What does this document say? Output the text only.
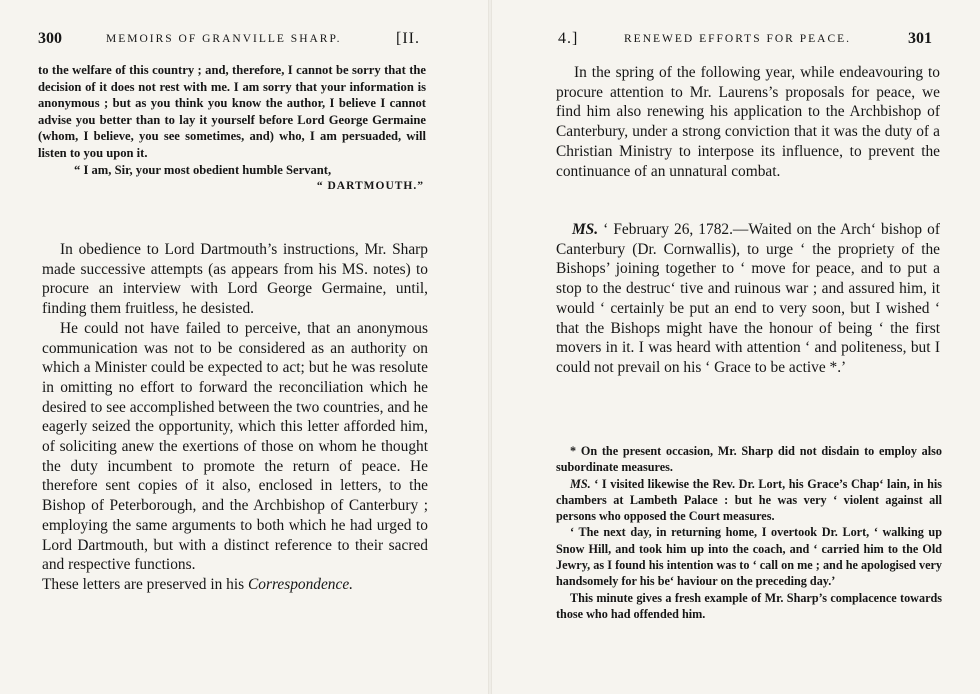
300	MEMOIRS OF GRANVILLE SHARP.	[II.

to the welfare of this country ; and, therefore, I cannot be sorry that the decision of it does not rest with me. I am sorry that your information is anonymous ; but as you think you know the author, I believe I cannot advise you better than to lay it yourself before Lord George Germaine (whom, I believe, you see sometimes, and) who, I am persuaded, will listen to you upon it.

“ I am, Sir, your most obedient humble Servant,

“ DARTMOUTH.”

In obedience to Lord Dartmouth’s instructions, Mr. Sharp made successive attempts (as appears from his MS. notes) to procure an interview with Lord George Germaine, until, finding them fruitless, he desisted.

He could not have failed to perceive, that an anonymous communication was not to be considered as an authority on which a Minister could be expected to act; but he was resolute in omitting no effort to forward the reconciliation which he desired to see accomplished between the two countries, and he eagerly seized the opportunity, which this letter afforded him, of soliciting anew the exertions of those on whom he thought the duty incumbent to promote the return of peace. He therefore sent copies of it also, enclosed in letters, to the Bishop of Peterborough, and the Archbishop of Canterbury ; employing the same arguments to both which he had urged to Lord Dartmouth, but with a distinct reference to their sacred and respective functions.

These letters are preserved in his Correspondence.

4.]	RENEWED EFFORTS FOR PEACE.	301

In the spring of the following year, while endeavouring to procure attention to Mr. Laurens’s proposals for peace, we find him also renewing his application to the Archbishop of Canterbury, under a strong conviction that it was the duty of a Christian Ministry to interpose its influence, to prevent the continuance of an unnatural combat.

MS. ‘ February 26, 1782.—Waited on the Arch‘ bishop of Canterbury (Dr. Cornwallis), to urge ‘ the propriety of the Bishops’ joining together to ‘ move for peace, and to put a stop to the destruc‘ tive and ruinous war ; and assured him, it would ‘ certainly be put an end to very soon, but I wished ‘ that the Bishops might have the honour of being ‘ the first movers in it. I was heard with attention ‘ and politeness, but I could not prevail on his ‘ Grace to be active *.’

* On the present occasion, Mr. Sharp did not disdain to employ also subordinate measures.

MS. ‘ I visited likewise the Rev. Dr. Lort, his Grace’s Chap‘ lain, in his chambers at Lambeth Palace : but he was very ‘ violent against all persons who opposed the Court measures.

‘ The next day, in returning home, I overtook Dr. Lort, ‘ walking up Snow Hill, and took him up into the coach, and ‘ carried him to the Old Jewry, as I found his intention was to ‘ call on me ; and he apologised very handsomely for his be‘ haviour on the preceding day.’

This minute gives a fresh example of Mr. Sharp’s complacence towards those who had offended him.
